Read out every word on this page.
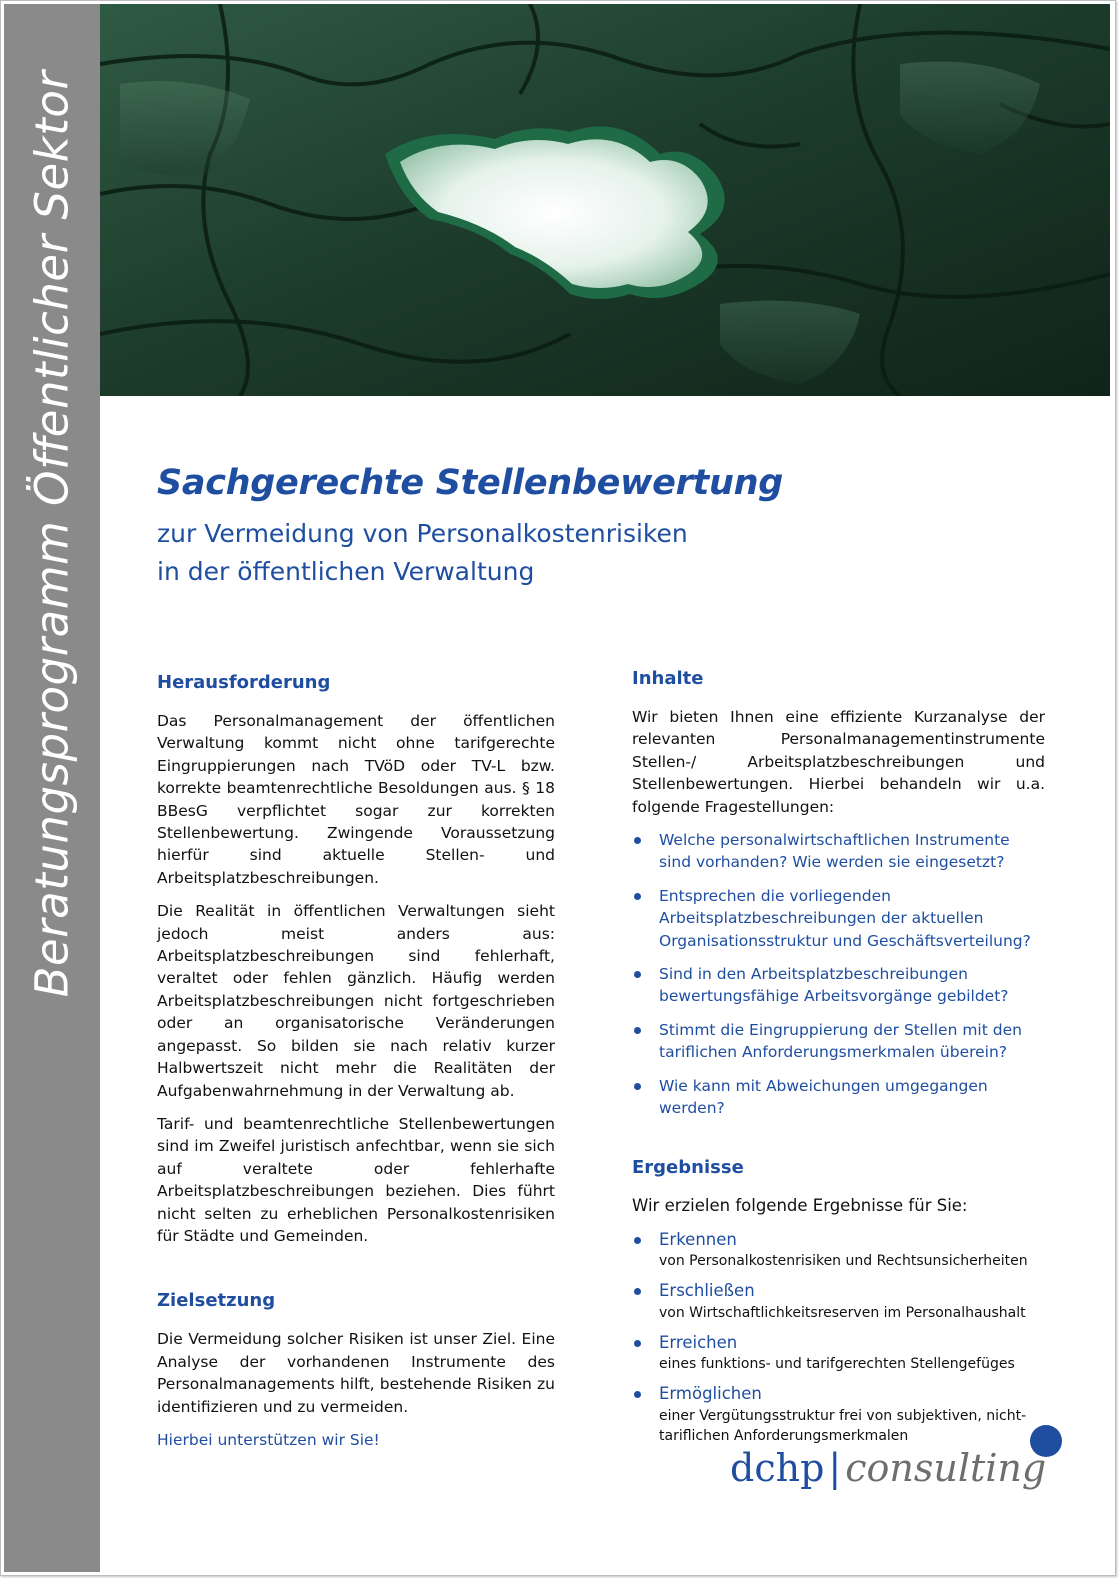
Beratungsprogramm Öffentlicher Sektor Sachgerechte Stellenbewertung
zur Vermeidung von Personalkostenrisiken
in der öffentlichen Verwaltung
Herausforderung

Das Personalmanagement der öffentlichen Verwaltung kommt nicht ohne tarifgerechte Eingruppierungen nach TVöD oder TV-L bzw. korrekte beamtenrechtliche Besoldungen aus. § 18 BBesG verpflichtet sogar zur korrekten Stellenbewertung. Zwingende Voraussetzung hierfür sind aktuelle Stellen- und Arbeitsplatzbeschreibungen.

Die Realität in öffentlichen Verwaltungen sieht jedoch meist anders aus: Arbeitsplatzbeschreibungen sind fehlerhaft, veraltet oder fehlen gänzlich. Häufig werden Arbeitsplatzbeschreibungen nicht fortgeschrieben oder an organisatorische Veränderungen angepasst. So bilden sie nach relativ kurzer Halbwertszeit nicht mehr die Realitäten der Aufgabenwahrnehmung in der Verwaltung ab.

Tarif- und beamtenrechtliche Stellenbewertungen sind im Zweifel juristisch anfechtbar, wenn sie sich auf veraltete oder fehlerhafte Arbeitsplatzbeschreibungen beziehen. Dies führt nicht selten zu erheblichen Personalkostenrisiken für Städte und Gemeinden.

Zielsetzung

Die Vermeidung solcher Risiken ist unser Ziel. Eine Analyse der vorhandenen Instrumente des Personalmanagements hilft, bestehende Risiken zu identifizieren und zu vermeiden.

Hierbei unterstützen wir Sie!

Inhalte

Wir bieten Ihnen eine effiziente Kurzanalyse der relevanten Personalmanagementinstrumente Stellen-/ Arbeitsplatzbeschreibungen und Stellenbewertungen. Hierbei behandeln wir u.a. folgende Fragestellungen:

Welche personalwirtschaftlichen Instrumente sind vorhanden? Wie werden sie eingesetzt?
Entsprechen die vorliegenden Arbeitsplatzbeschreibungen der aktuellen Organisationsstruktur und Geschäftsverteilung?
Sind in den Arbeitsplatzbeschreibungen bewertungsfähige Arbeitsvorgänge gebildet?
Stimmt die Eingruppierung der Stellen mit den tariflichen Anforderungsmerkmalen überein?
Wie kann mit Abweichungen umgegangen werden?
Ergebnisse

Wir erzielen folgende Ergebnisse für Sie:

Erkennen
von Personalkostenrisiken und Rechtsunsicherheiten
Erschließen
von Wirtschaftlichkeitsreserven im Personalhaushalt
Erreichen
eines funktions- und tarifgerechten Stellengefüges
Ermöglichen
einer Vergütungsstruktur frei von subjektiven, nicht-tariflichen Anforderungsmerkmalen
dchp | consulting
